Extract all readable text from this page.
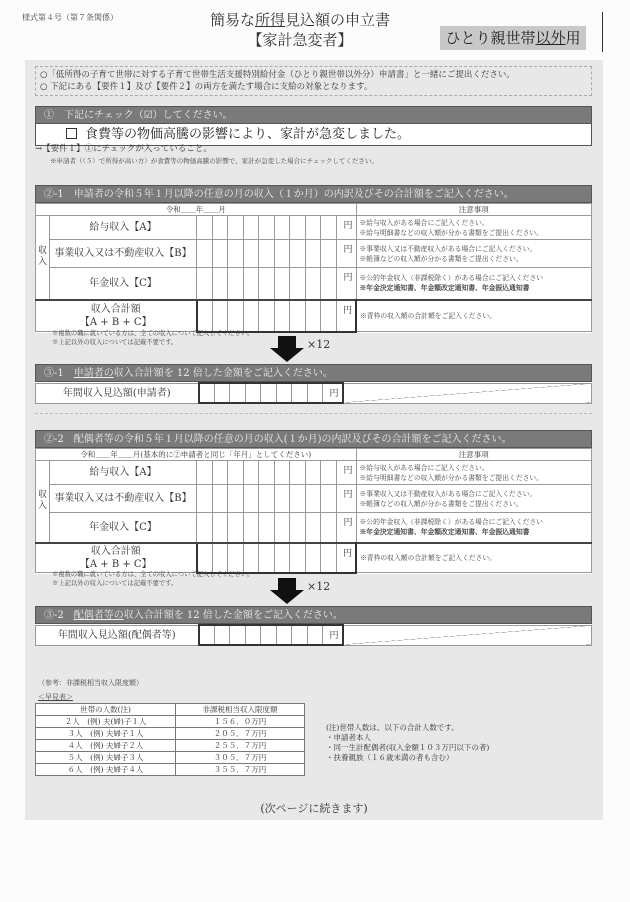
様式第４号（第７条関係）	簡易な所得見込額の申立書
【家計急変者】	ひとり親世帯以外用
○「低所得の子育て世帯に対する子育て世帯生活支援特別給付金（ひとり親世帯以外分）申請書」と一緒にご提出ください。
○ 下記にある【要件１】及び【要件２】の両方を満たす場合に支給の対象となります。
①　下記にチェック（☑）してください。
食費等の物価高騰の影響により、家計が急変しました。
→【要件１】①にチェックが入っていること。
※申請者（（５）で所得が高い方）が食費等の物価高騰の影響で、家計が急変した場合にチェックしてください。
②-1　申請者の令和５年１月以降の任意の月の収入（１か月）の内訳及びその合計額をご記入ください。
令和＿＿年＿＿月												注意事項
収入	給与収入【A】										円	※給与収入がある場合にご記入ください。
※給与明細書などの収入額が分かる書類をご提出ください。

	事業収入又は不動産収入【B】										円	※事業収入又は不動産収入がある場合にご記入ください。
※帳簿などの収入額が分かる書類をご提出ください。

	年金収入【C】										円	※公的年金収入（非課税除く）がある場合にご記入ください
※年金決定通知書、年金額改定通知書、年金振込通知書

収入合計額
【A + B + C】											円	※青枠の収入額の合計額をご記入ください。
※複数の職に就いている方は、全ての収入について記入してください。
※上記以外の収入については記載不要です。	×12
③-1　申請者の収入合計額を 12 倍した金額をご記入ください。
年間収入見込額(申請者)									円	
②-2　配偶者等の令和５年１月以降の任意の月の収入(１か月)の内訳及びその合計額をご記入ください。
令和＿＿年＿＿月(基本的に②申請者と同じ「年月」としてください)												注意事項
収入	給与収入【A】										円	※給与収入がある場合にご記入ください。
※給与明細書などの収入額が分かる書類をご提出ください。

	事業収入又は不動産収入【B】										円	※事業収入又は不動産収入がある場合にご記入ください。
※帳簿などの収入額が分かる書類をご提出ください。

	年金収入【C】										円	※公的年金収入（非課税除く）がある場合にご記入ください
※年金決定通知書、年金額改定通知書、年金振込通知書

収入合計額
【A + B + C】											円	※青枠の収入額の合計額をご記入ください。
※複数の職に就いている方は、全ての収入について記入してください。
※上記以外の収入については記載不要です。	×12
③-2　配偶者等の収入合計額を 12 倍した金額をご記入ください。
年間収入見込額(配偶者等)									円	
（参考：非課税相当収入限度額）
＜早見表＞
世帯の人数(注)	非課税相当収入限度額
２人　(例) 夫(婦)子１人	１５６．０万円
３人　(例) 夫婦子１人	２０５．７万円
４人　(例) 夫婦子２人	２５５．７万円
５人　(例) 夫婦子３人	３０５．７万円
６人　(例) 夫婦子４人	３５５．７万円
(注)世帯人数は、以下の合計人数です。
・申請者本人
・同一生計配偶者(収入金額１０３万円以下の者)
・扶養親族（１６歳未満の者も含む）
(次ページに続きます)
